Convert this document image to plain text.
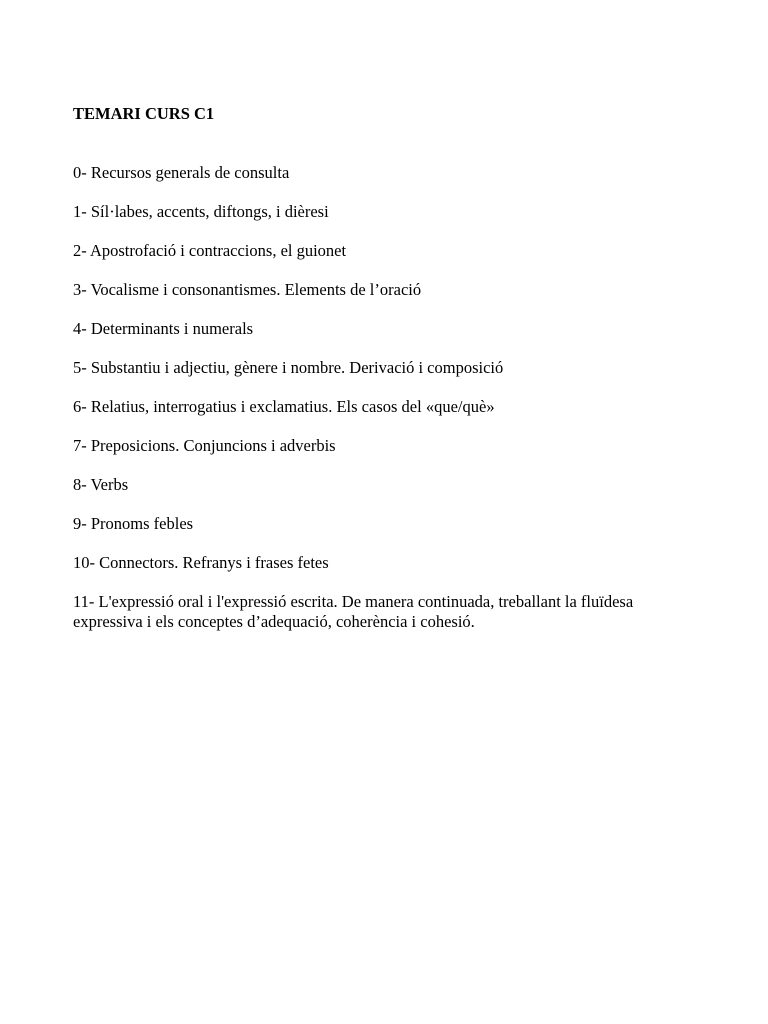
TEMARI CURS C1
0- Recursos generals de consulta
1- Síl·labes, accents, diftongs, i dièresi
2- Apostrofació i contraccions, el guionet
3- Vocalisme i consonantismes. Elements de l’oració
4- Determinants i numerals
5- Substantiu i adjectiu, gènere i nombre. Derivació i composició
6- Relatius, interrogatius i exclamatius. Els casos del «que/què»
7- Preposicions. Conjuncions i adverbis
8- Verbs
9- Pronoms febles
10- Connectors. Refranys i frases fetes
11- L'expressió oral i l'expressió escrita. De manera continuada, treballant la fluïdesa expressiva i els conceptes d’adequació, coherència i cohesió.
